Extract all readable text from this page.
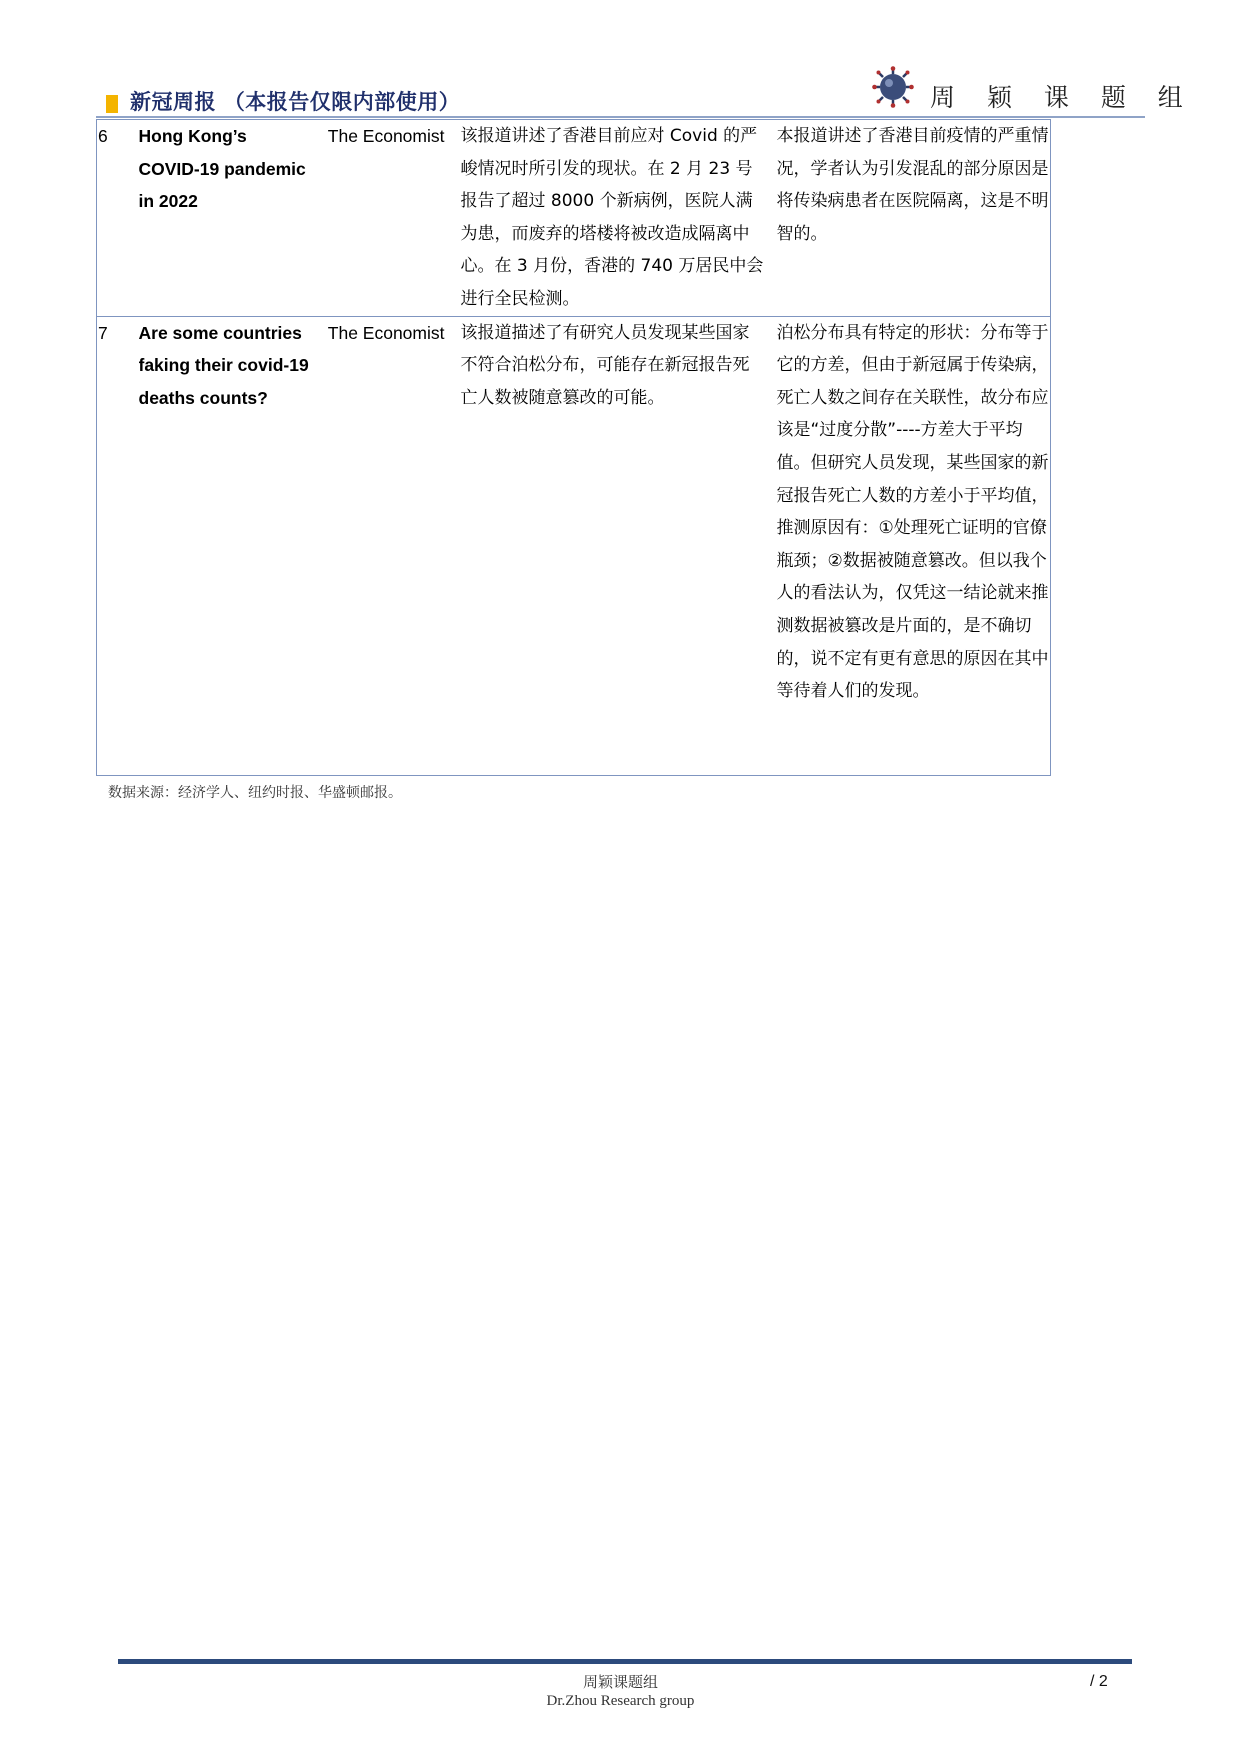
新冠周报 （本报告仅限内部使用）	周 颖 课 题 组
6	Hong Kong’s COVID-19 pandemic in 2022	The Economist	该报道讲述了香港目前应对 Covid 的严峻情况时所引发的现状。在 2 月 23 号报告了超过 8000 个新病例，医院人满为患，而废弃的塔楼将被改造成隔离中心。在 3 月份，香港的 740 万居民中会进行全民检测。	本报道讲述了香港目前疫情的严重情况，学者认为引发混乱的部分原因是将传染病患者在医院隔离，这是不明智的。
7	Are some countries faking their covid-19 deaths counts?	The Economist	该报道描述了有研究人员发现某些国家不符合泊松分布，可能存在新冠报告死亡人数被随意篡改的可能。	泊松分布具有特定的形状：分布等于它的方差，但由于新冠属于传染病，死亡人数之间存在关联性，故分布应该是“过度分散”----方差大于平均值。但研究人员发现，某些国家的新冠报告死亡人数的方差小于平均值，推测原因有：①处理死亡证明的官僚瓶颈；②数据被随意篡改。但以我个人的看法认为，仅凭这一结论就来推测数据被篡改是片面的，是不确切的，说不定有更有意思的原因在其中等待着人们的发现。
数据来源：经济学人、纽约时报、华盛顿邮报。
周颖课题组
Dr.Zhou Research group
/ 2
